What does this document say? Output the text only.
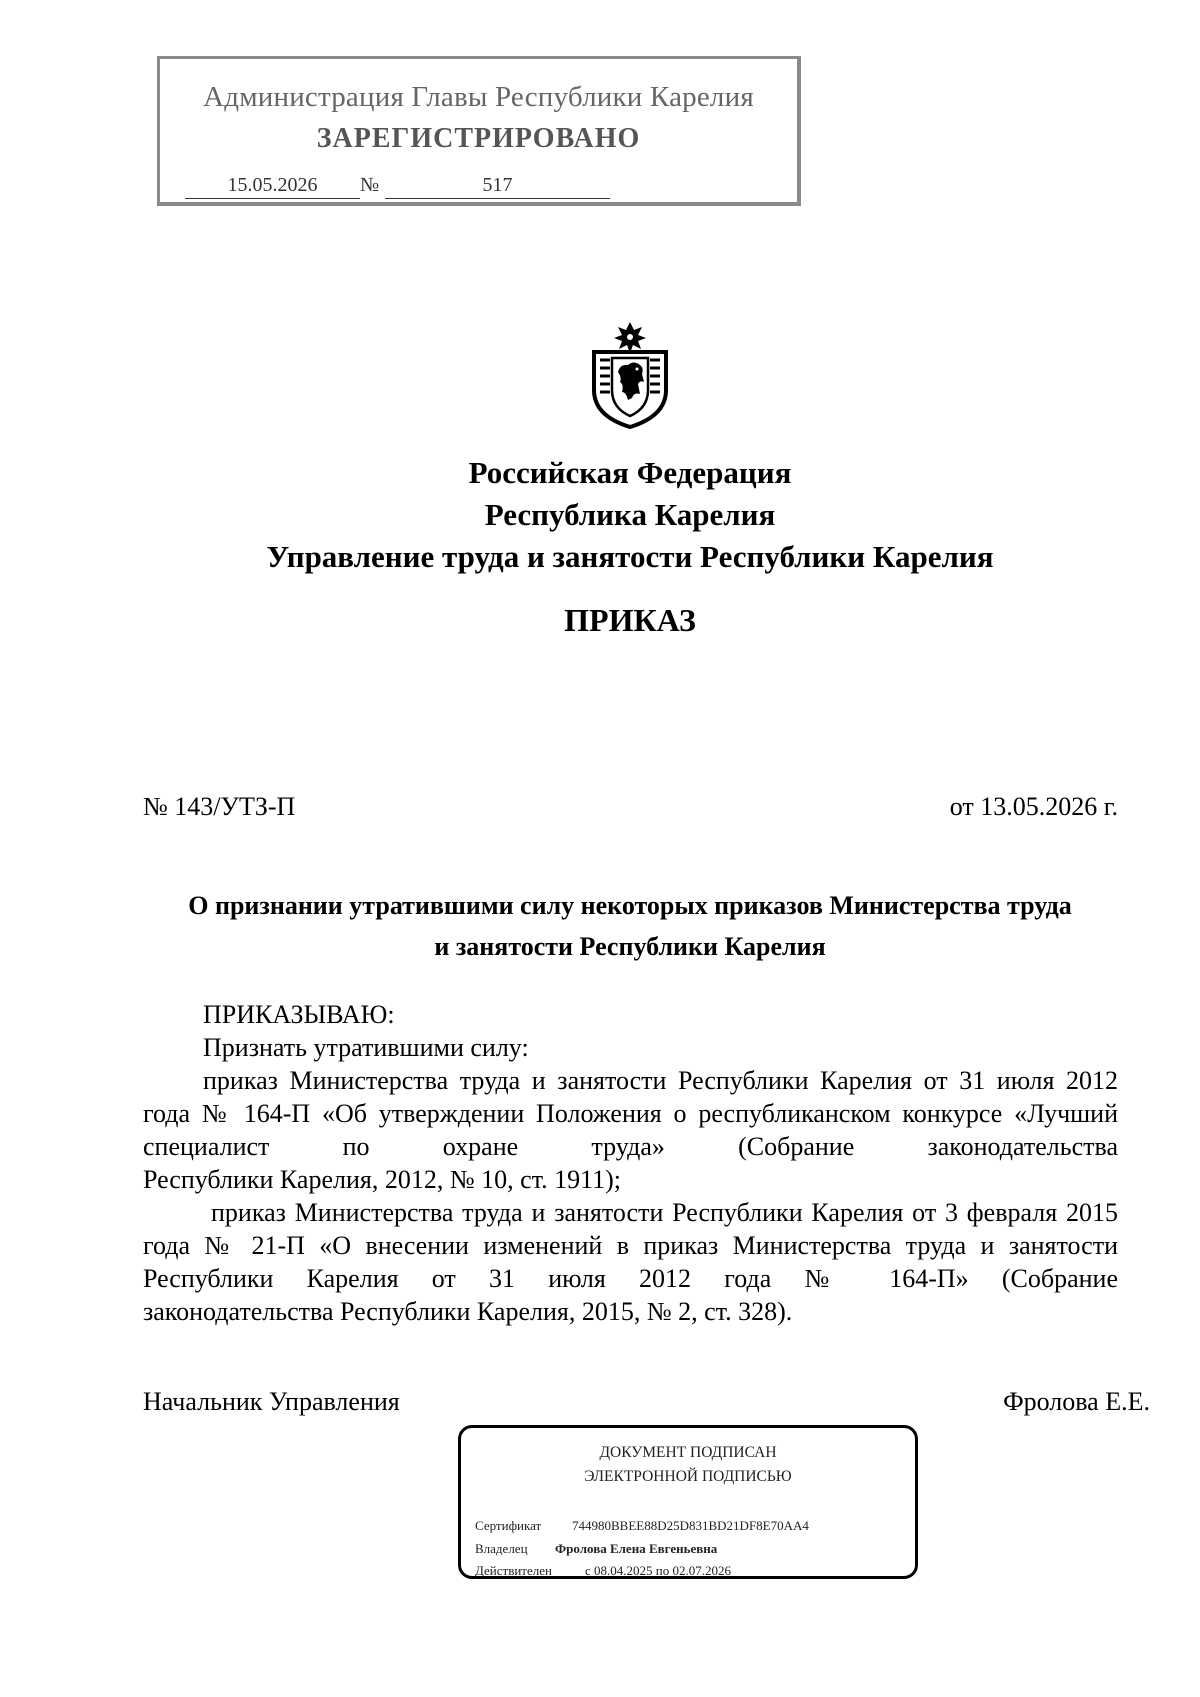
Администрация Главы Республики Карелия
ЗАРЕГИСТРИРОВАНО
15.05.2026	№	517
Российская Федерация
Республика Карелия
Управление труда и занятости Республики Карелия
ПРИКАЗ
№ 143/УТЗ-П	от 13.05.2026 г.
О признании утратившими силу некоторых приказов Министерства труда
и занятости Республики Карелия

ПРИКАЗЫВАЮ:

Признать утратившими силу:

приказ Министерства труда и занятости Республики Карелия от 31 июля 2012 года № 164-П «Об утверждении Положения о республиканском конкурсе «Лучший специалист по охране труда» (Собрание законодательства

Республики Карелия, 2012, № 10, ст. 1911);

приказ Министерства труда и занятости Республики Карелия от 3 февраля 2015 года № 21-П «О внесении изменений в приказ Министерства труда и занятости Республики Карелия от 31 июля 2012 года № 164-П» (Собрание

законодательства Республики Карелия, 2015, № 2, ст. 328).

Начальник Управления	Фролова Е.Е.
ДОКУМЕНТ ПОДПИСАН
ЭЛЕКТРОННОЙ ПОДПИСЬЮ
Сертификат 744980BBEE88D25D831BD21DF8E70AA4
Владелец Фролова Елена Евгеньевна
Действителен	с 08.04.2025 по 02.07.2026
